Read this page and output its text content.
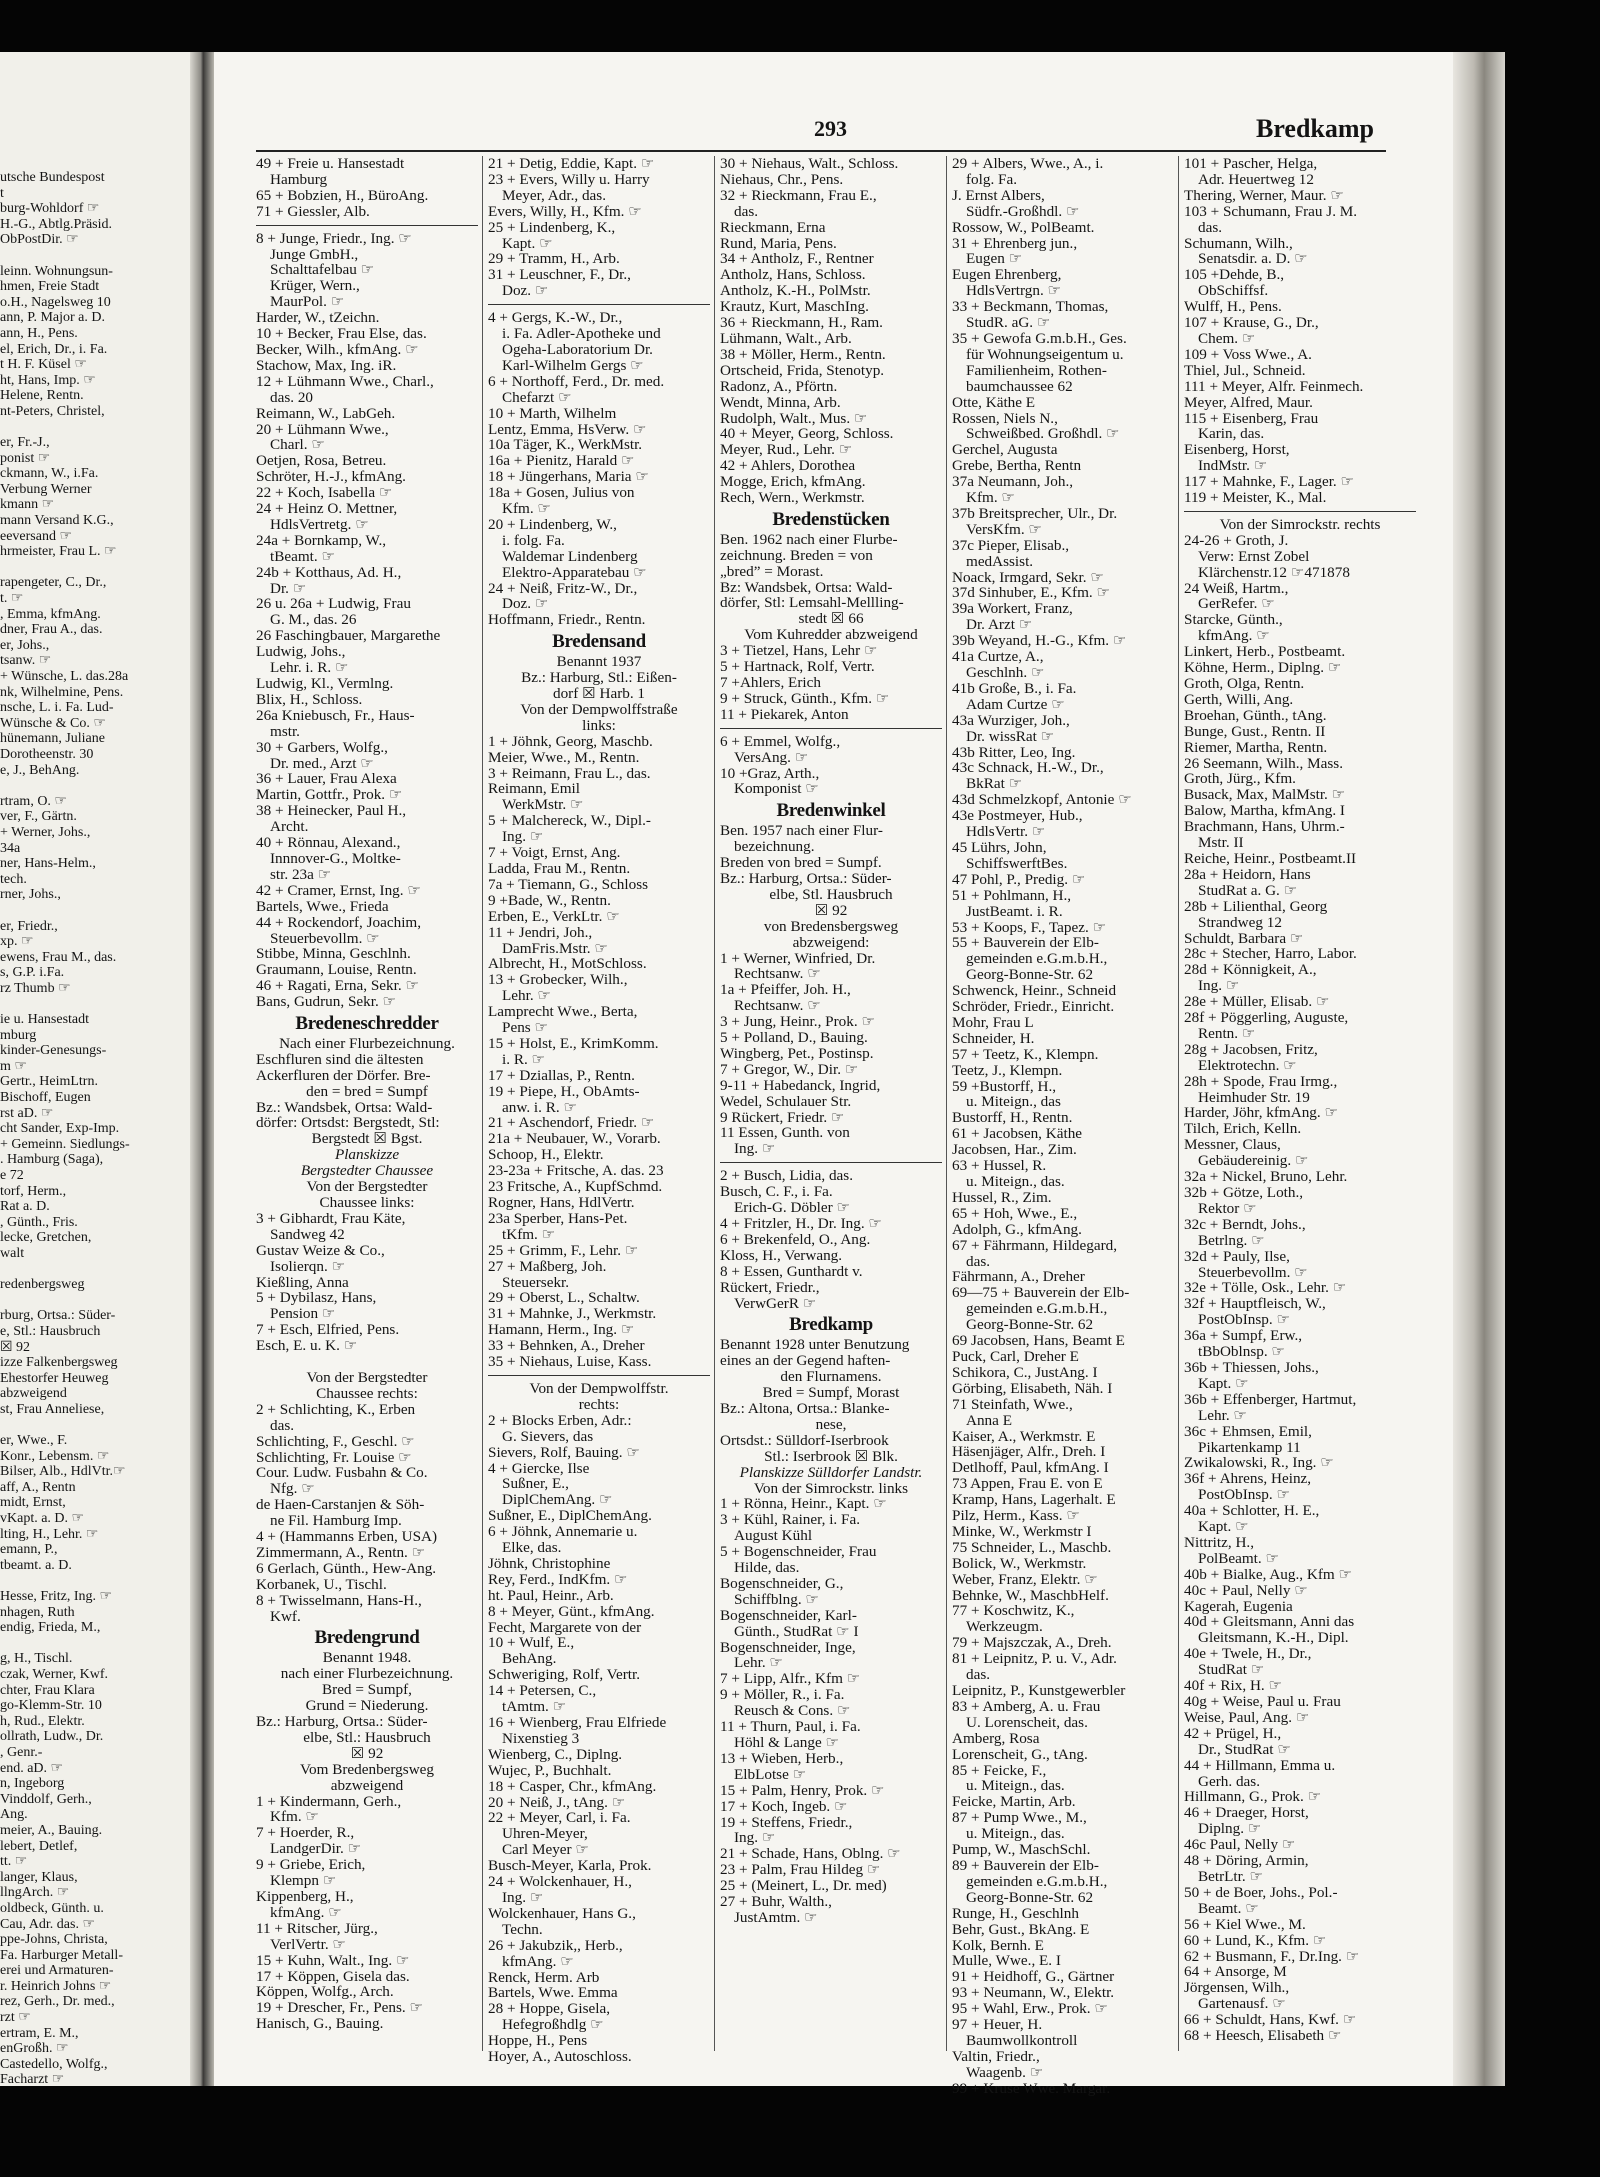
utsche Bundespost
t
burg-Wohldorf ☞
H.-G., Abtlg.Präsid.
ObPostDir. ☞

leinn. Wohnungsun-
hmen, Freie Stadt
o.H., Nagelsweg 10
ann, P. Major a. D.
ann, H., Pens.
el, Erich, Dr., i. Fa.
t H. F. Küsel ☞
ht, Hans, Imp. ☞
Helene, Rentn.
nt-Peters, Christel,

er, Fr.-J.,
ponist ☞
ckmann, W., i.Fa.
Verbung Werner
kmann ☞
mann Versand K.G.,
eeversand ☞
hrmeister, Frau L. ☞

rapengeter, C., Dr.,
t. ☞
, Emma, kfmAng.
dner, Frau A., das.
er, Johs.,
tsanw. ☞
+ Wünsche, L. das.28a
nk, Wilhelmine, Pens.
nsche, L. i. Fa. Lud-
Wünsche & Co. ☞
hünemann, Juliane
Dorotheenstr. 30
e, J., BehAng.

rtram, O. ☞
ver, F., Gärtn.
+ Werner, Johs.,
34a
ner, Hans-Helm.,
tech.
rner, Johs.,

er, Friedr.,
xp. ☞
ewens, Frau M., das.
s, G.P. i.Fa.
rz Thumb ☞

ie u. Hansestadt
mburg
kinder-Genesungs-
m ☞
Gertr., HeimLtrn.
Bischoff, Eugen
rst aD. ☞
cht Sander, Exp-Imp.
+ Gemeinn. Siedlungs-
. Hamburg (Saga),
e 72
torf, Herm.,
Rat a. D.
, Günth., Fris.
lecke, Gretchen,
walt

redenbergsweg

rburg, Ortsa.: Süder-
e, Stl.: Hausbruch
☒ 92
izze Falkenbergsweg
Ehestorfer Heuweg
abzweigend
st, Frau Anneliese,

er, Wwe., F.
Konr., Lebensm. ☞
Bilser, Alb., HdlVtr.☞
aff, A., Rentn
midt, Ernst,
vKapt. a. D. ☞
lting, H., Lehr. ☞
emann, P.,
tbeamt. a. D.

Hesse, Fritz, Ing. ☞
nhagen, Ruth
endig, Frieda, M.,

g, H., Tischl.
czak, Werner, Kwf.
chter, Frau Klara
go-Klemm-Str. 10
h, Rud., Elektr.
ollrath, Ludw., Dr.
, Genr.-
end. aD. ☞
n, Ingeborg
Vinddolf, Gerh.,
Ang.
meier, A., Bauing.
lebert, Detlef,
tt. ☞
langer, Klaus,
llngArch. ☞
oldbeck, Günth. u.
Cau, Adr. das. ☞
ppe-Johns, Christa,
Fa. Harburger Metall-
erei und Armaturen-
r. Heinrich Johns ☞
rez, Gerh., Dr. med.,
rzt ☞
ertram, E. M.,
enGroßh. ☞
Castedello, Wolfg.,
Facharzt ☞
293	Bredkamp
49 + Freie u. Hansestadt
Hamburg
65 + Bobzien, H., BüroAng.
71 + Giessler, Alb.
8 + Junge, Friedr., Ing. ☞
Junge GmbH.,
Schalttafelbau ☞
Krüger, Wern.,
MaurPol. ☞
Harder, W., tZeichn.
10 + Becker, Frau Else, das.
Becker, Wilh., kfmAng. ☞
Stachow, Max, Ing. iR.
12 + Lühmann Wwe., Charl.,
das. 20
Reimann, W., LabGeh.
20 + Lühmann Wwe.,
Charl. ☞
Oetjen, Rosa, Betreu.
Schröter, H.-J., kfmAng.
22 + Koch, Isabella ☞
24 + Heinz O. Mettner,
HdlsVertretg. ☞
24a + Bornkamp, W.,
tBeamt. ☞
24b + Kotthaus, Ad. H.,
Dr. ☞
26 u. 26a + Ludwig, Frau
G. M., das. 26
26 Faschingbauer, Margarethe
Ludwig, Johs.,
Lehr. i. R. ☞
Ludwig, Kl., Vermlng.
Blix, H., Schloss.
26a Kniebusch, Fr., Haus-
mstr.
30 + Garbers, Wolfg.,
Dr. med., Arzt ☞
36 + Lauer, Frau Alexa
Martin, Gottfr., Prok. ☞
38 + Heinecker, Paul H.,
Archt.
40 + Rönnau, Alexand.,
Innnover-G., Moltke-
str. 23a ☞
42 + Cramer, Ernst, Ing. ☞
Bartels, Wwe., Frieda
44 + Rockendorf, Joachim,
Steuerbevollm. ☞
Stibbe, Minna, Geschlnh.
Graumann, Louise, Rentn.
46 + Ragati, Erna, Sekr. ☞
Bans, Gudrun, Sekr. ☞
Bredeneschredder
Nach einer Flurbezeichnung.
Eschfluren sind die ältesten
Ackerfluren der Dörfer. Bre-
den = bred = Sumpf
Bz.: Wandsbek, Ortsa: Wald-
dörfer: Ortsdst: Bergstedt, Stl:
Bergstedt ☒ Bgst.
Planskizze
Bergstedter Chaussee
Von der Bergstedter
Chaussee links:
3 + Gibhardt, Frau Käte,
Sandweg 42
Gustav Weize & Co.,
Isolierqn. ☞
Kießling, Anna
5 + Dybilasz, Hans,
Pension ☞
7 + Esch, Elfried, Pens.
Esch, E. u. K. ☞

Von der Bergstedter
Chaussee rechts:
2 + Schlichting, K., Erben
das.
Schlichting, F., Geschl. ☞
Schlichting, Fr. Louise ☞
Cour. Ludw. Fusbahn & Co.
Nfg. ☞
de Haen-Carstanjen & Söh-
ne Fil. Hamburg Imp.
4 + (Hammanns Erben, USA)
Zimmermann, A., Rentn. ☞
6 Gerlach, Günth., Hew-Ang.
Korbanek, U., Tischl.
8 + Twisselmann, Hans-H.,
Kwf.
Bredengrund
Benannt 1948.
nach einer Flurbezeichnung.
Bred = Sumpf,
Grund = Niederung.
Bz.: Harburg, Ortsa.: Süder-
elbe, Stl.: Hausbruch
☒ 92
Vom Bredenbergsweg
abzweigend
1 + Kindermann, Gerh.,
Kfm. ☞
7 + Hoerder, R.,
LandgerDir. ☞
9 + Griebe, Erich,
Klempn ☞
Kippenberg, H.,
kfmAng. ☞
11 + Ritscher, Jürg.,
VerlVertr. ☞
15 + Kuhn, Walt., Ing. ☞
17 + Köppen, Gisela das.
Köppen, Wolfg., Arch.
19 + Drescher, Fr., Pens. ☞
Hanisch, G., Bauing.
21 + Detig, Eddie, Kapt. ☞
23 + Evers, Willy u. Harry
Meyer, Adr., das.
Evers, Willy, H., Kfm. ☞
25 + Lindenberg, K.,
Kapt. ☞
29 + Tramm, H., Arb.
31 + Leuschner, F., Dr.,
Doz. ☞
4 + Gergs, K.-W., Dr.,
i. Fa. Adler-Apotheke und
Ogeha-Laboratorium Dr.
Karl-Wilhelm Gergs ☞
6 + Northoff, Ferd., Dr. med.
Chefarzt ☞
10 + Marth, Wilhelm
Lentz, Emma, HsVerw. ☞
10a Täger, K., WerkMstr.
16a + Pienitz, Harald ☞
18 + Jüngerhans, Maria ☞
18a + Gosen, Julius von
Kfm. ☞
20 + Lindenberg, W.,
i. folg. Fa.
Waldemar Lindenberg
Elektro-Apparatebau ☞
24 + Neiß, Fritz-W., Dr.,
Doz. ☞
Hoffmann, Friedr., Rentn.
Bredensand
Benannt 1937
Bz.: Harburg, Stl.: Eißen-
dorf ☒ Harb. 1
Von der Dempwolffstraße
links:
1 + Jöhnk, Georg, Maschb.
Meier, Wwe., M., Rentn.
3 + Reimann, Frau L., das.
Reimann, Emil
WerkMstr. ☞
5 + Malchereck, W., Dipl.-
Ing. ☞
7 + Voigt, Ernst, Ang.
Ladda, Frau M., Rentn.
7a + Tiemann, G., Schloss
9 +Bade, W., Rentn.
Erben, E., VerkLtr. ☞
11 + Jendri, Joh.,
DamFris.Mstr. ☞
Albrecht, H., MotSchloss.
13 + Grobecker, Wilh.,
Lehr. ☞
Lamprecht Wwe., Berta,
Pens ☞
15 + Holst, E., KrimKomm.
i. R. ☞
17 + Dziallas, P., Rentn.
19 + Piepe, H., ObAmts-
anw. i. R. ☞
21 + Aschendorf, Friedr. ☞
21a + Neubauer, W., Vorarb.
Schoop, H., Elektr.
23-23a + Fritsche, A. das. 23
23 Fritsche, A., KupfSchmd.
Rogner, Hans, HdlVertr.
23a Sperber, Hans-Pet.
tKfm. ☞
25 + Grimm, F., Lehr. ☞
27 + Maßberg, Joh.
Steuersekr.
29 + Oberst, L., Schaltw.
31 + Mahnke, J., Werkmstr.
Hamann, Herm., Ing. ☞
33 + Behnken, A., Dreher
35 + Niehaus, Luise, Kass.
Von der Dempwolffstr.
rechts:
2 + Blocks Erben, Adr.:
G. Sievers, das
Sievers, Rolf, Bauing. ☞
4 + Giercke, Ilse
Sußner, E.,
DiplChemAng. ☞
Sußner, E., DiplChemAng.
6 + Jöhnk, Annemarie u.
Elke, das.
Jöhnk, Christophine
Rey, Ferd., IndKfm. ☞
ht. Paul, Heinr., Arb.
8 + Meyer, Günt., kfmAng.
Fecht, Margarete von der
10 + Wulf, E.,
BehAng.
Schweriging, Rolf, Vertr.
14 + Petersen, C.,
tAmtm. ☞
16 + Wienberg, Frau Elfriede
Nixenstieg 3
Wienberg, C., Diplng.
Wujec, P., Buchhalt.
18 + Casper, Chr., kfmAng.
20 + Neiß, J., tAng. ☞
22 + Meyer, Carl, i. Fa.
Uhren-Meyer,
Carl Meyer ☞
Busch-Meyer, Karla, Prok.
24 + Wolckenhauer, H.,
Ing. ☞
Wolckenhauer, Hans G.,
Techn.
26 + Jakubzik,, Herb.,
kfmAng. ☞
Renck, Herm. Arb
Bartels, Wwe. Emma
28 + Hoppe, Gisela,
Hefegroßhdlg ☞
Hoppe, H., Pens
Hoyer, A., Autoschloss.
30 + Niehaus, Walt., Schloss.
Niehaus, Chr., Pens.
32 + Rieckmann, Frau E.,
das.
Rieckmann, Erna
Rund, Maria, Pens.
34 + Antholz, F., Rentner
Antholz, Hans, Schloss.
Antholz, K.-H., PolMstr.
Krautz, Kurt, MaschIng.
36 + Rieckmann, H., Ram.
Lühmann, Walt., Arb.
38 + Möller, Herm., Rentn.
Ortscheid, Frida, Stenotyp.
Radonz, A., Pförtn.
Wendt, Minna, Arb.
Rudolph, Walt., Mus. ☞
40 + Meyer, Georg, Schloss.
Meyer, Rud., Lehr. ☞
42 + Ahlers, Dorothea
Mogge, Erich, kfmAng.
Rech, Wern., Werkmstr.
Bredenstücken
Ben. 1962 nach einer Flurbe-
zeichnung. Breden = von
„bred” = Morast.
Bz: Wandsbek, Ortsa: Wald-
dörfer, Stl: Lemsahl-Mellling-
stedt ☒ 66
Vom Kuhredder abzweigend
3 + Tietzel, Hans, Lehr ☞
5 + Hartnack, Rolf, Vertr.
7 +Ahlers, Erich
9 + Struck, Günth., Kfm. ☞
11 + Piekarek, Anton
6 + Emmel, Wolfg.,
VersAng. ☞
10 +Graz, Arth.,
Komponist ☞
Bredenwinkel
Ben. 1957 nach einer Flur-
bezeichnung.
Breden von bred = Sumpf.
Bz.: Harburg, Ortsa.: Süder-
elbe, Stl. Hausbruch
☒ 92
von Bredensbergsweg
abzweigend:
1 + Werner, Winfried, Dr.
Rechtsanw. ☞
1a + Pfeiffer, Joh. H.,
Rechtsanw. ☞
3 + Jung, Heinr., Prok. ☞
5 + Polland, D., Bauing.
Wingberg, Pet., Postinsp.
7 + Gregor, W., Dir. ☞
9-11 + Habedanck, Ingrid,
Wedel, Schulauer Str.
9 Rückert, Friedr. ☞
11 Essen, Gunth. von
Ing. ☞
2 + Busch, Lidia, das.
Busch, C. F., i. Fa.
Erich-G. Döbler ☞
4 + Fritzler, H., Dr. Ing. ☞
6 + Brekenfeld, O., Ang.
Kloss, H., Verwang.
8 + Essen, Gunthardt v.
Rückert, Friedr.,
VerwGerR ☞
Bredkamp
Benannt 1928 unter Benutzung
eines an der Gegend haften-
den Flurnamens.
Bred = Sumpf, Morast
Bz.: Altona, Ortsa.: Blanke-
nese,
Ortsdst.: Sülldorf-Iserbrook
Stl.: Iserbrook ☒ Blk.
Planskizze Sülldorfer Landstr.
Von der Simrockstr. links
1 + Rönna, Heinr., Kapt. ☞
3 + Kühl, Rainer, i. Fa.
August Kühl
5 + Bogenschneider, Frau
Hilde, das.
Bogenschneider, G.,
Schiffblng. ☞
Bogenschneider, Karl-
Günth., StudRat ☞ I
Bogenschneider, Inge,
Lehr. ☞
7 + Lipp, Alfr., Kfm ☞
9 + Möller, R., i. Fa.
Reusch & Cons. ☞
11 + Thurn, Paul, i. Fa.
Höhl & Lange ☞
13 + Wieben, Herb.,
ElbLotse ☞
15 + Palm, Henry, Prok. ☞
17 + Koch, Ingeb. ☞
19 + Steffens, Friedr.,
Ing. ☞
21 + Schade, Hans, Oblng. ☞
23 + Palm, Frau Hildeg ☞
25 + (Meinert, L., Dr. med)
27 + Buhr, Walth.,
JustAmtm. ☞
29 + Albers, Wwe., A., i.
folg. Fa.
J. Ernst Albers,
Südfr.-Großhdl. ☞
Rossow, W., PolBeamt.
31 + Ehrenberg jun.,
Eugen ☞
Eugen Ehrenberg,
HdlsVertrgn. ☞
33 + Beckmann, Thomas,
StudR. aG. ☞
35 + Gewofa G.m.b.H., Ges.
für Wohnungseigentum u.
Familienheim, Rothen-
baumchaussee 62
Otte, Käthe E
Rossen, Niels N.,
Schweißbed. Großhdl. ☞
Gerchel, Augusta
Grebe, Bertha, Rentn
37a Neumann, Joh.,
Kfm. ☞
37b Breitsprecher, Ulr., Dr.
VersKfm. ☞
37c Pieper, Elisab.,
medAssist.
Noack, Irmgard, Sekr. ☞
37d Sinhuber, E., Kfm. ☞
39a Workert, Franz,
Dr. Arzt ☞
39b Weyand, H.-G., Kfm. ☞
41a Curtze, A.,
Geschlnh. ☞
41b Große, B., i. Fa.
Adam Curtze ☞
43a Wurziger, Joh.,
Dr. wissRat ☞
43b Ritter, Leo, Ing.
43c Schnack, H.-W., Dr.,
BkRat ☞
43d Schmelzkopf, Antonie ☞
43e Postmeyer, Hub.,
HdlsVertr. ☞
45 Lührs, John,
SchiffswerftBes.
47 Pohl, P., Predig. ☞
51 + Pohlmann, H.,
JustBeamt. i. R.
53 + Koops, F., Tapez. ☞
55 + Bauverein der Elb-
gemeinden e.G.m.b.H.,
Georg-Bonne-Str. 62
Schwenck, Heinr., Schneid
Schröder, Friedr., Einricht.
Mohr, Frau L
Schneider, H.
57 + Teetz, K., Klempn.
Teetz, J., Klempn.
59 +Bustorff, H.,
u. Miteign., das
Bustorff, H., Rentn.
61 + Jacobsen, Käthe
Jacobsen, Har., Zim.
63 + Hussel, R.
u. Miteign., das.
Hussel, R., Zim.
65 + Hoh, Wwe., E.,
Adolph, G., kfmAng.
67 + Fährmann, Hildegard,
das.
Fährmann, A., Dreher
69—75 + Bauverein der Elb-
gemeinden e.G.m.b.H.,
Georg-Bonne-Str. 62
69 Jacobsen, Hans, Beamt E
Puck, Carl, Dreher E
Schikora, C., JustAng. I
Görbing, Elisabeth, Näh. I
71 Steinfath, Wwe.,
Anna E
Kaiser, A., Werkmstr. E
Häsenjäger, Alfr., Dreh. I
Detlhoff, Paul, kfmAng. I
73 Appen, Frau E. von E
Kramp, Hans, Lagerhalt. E
Pilz, Herm., Kass. ☞
Minke, W., Werkmstr I
75 Schneider, L., Maschb.
Bolick, W., Werkmstr.
Weber, Franz, Elektr. ☞
Behnke, W., MaschbHelf.
77 + Koschwitz, K.,
Werkzeugm.
79 + Majszczak, A., Dreh.
81 + Leipnitz, P. u. V., Adr.
das.
Leipnitz, P., Kunstgewerbler
83 + Amberg, A. u. Frau
U. Lorenscheit, das.
Amberg, Rosa
Lorenscheit, G., tAng.
85 + Feicke, F.,
u. Miteign., das.
Feicke, Martin, Arb.
87 + Pump Wwe., M.,
u. Miteign., das.
Pump, W., MaschSchl.
89 + Bauverein der Elb-
gemeinden e.G.m.b.H.,
Georg-Bonne-Str. 62
Runge, H., Geschlnh
Behr, Gust., BkAng. E
Kolk, Bernh. E
Mulle, Wwe., E. I
91 + Heidhoff, G., Gärtner
93 + Neumann, W., Elektr.
95 + Wahl, Erw., Prok. ☞
97 + Heuer, H.
Baumwollkontroll
Valtin, Friedr.,
Waagenb. ☞
99 + Kruse Wwe. Margar.
101 + Pascher, Helga,
Adr. Heuertweg 12
Thering, Werner, Maur. ☞
103 + Schumann, Frau J. M.
das.
Schumann, Wilh.,
Senatsdir. a. D. ☞
105 +Dehde, B.,
ObSchiffsf.
Wulff, H., Pens.
107 + Krause, G., Dr.,
Chem. ☞
109 + Voss Wwe., A.
Thiel, Jul., Schneid.
111 + Meyer, Alfr. Feinmech.
Meyer, Alfred, Maur.
115 + Eisenberg, Frau
Karin, das.
Eisenberg, Horst,
IndMstr. ☞
117 + Mahnke, F., Lager. ☞
119 + Meister, K., Mal.
Von der Simrockstr. rechts
24-26 + Groth, J.
Verw: Ernst Zobel
Klärchenstr.12 ☞471878
24 Weiß, Hartm.,
GerRefer. ☞
Starcke, Günth.,
kfmAng. ☞
Linkert, Herb., Postbeamt.
Köhne, Herm., Diplng. ☞
Groth, Olga, Rentn.
Gerth, Willi, Ang.
Broehan, Günth., tAng.
Bunge, Gust., Rentn. II
Riemer, Martha, Rentn.
26 Seemann, Wilh., Mass.
Groth, Jürg., Kfm.
Busack, Max, MalMstr. ☞
Balow, Martha, kfmAng. I
Brachmann, Hans, Uhrm.-
Mstr. II
Reiche, Heinr., Postbeamt.II
28a + Heidorn, Hans
StudRat a. G. ☞
28b + Lilienthal, Georg
Strandweg 12
Schuldt, Barbara ☞
28c + Stecher, Harro, Labor.
28d + Könnigkeit, A.,
Ing. ☞
28e + Müller, Elisab. ☞
28f + Pöggerling, Auguste,
Rentn. ☞
28g + Jacobsen, Fritz,
Elektrotechn. ☞
28h + Spode, Frau Irmg.,
Heimhuder Str. 19
Harder, Jöhr, kfmAng. ☞
Tilch, Erich, Kelln.
Messner, Claus,
Gebäudereinig. ☞
32a + Nickel, Bruno, Lehr.
32b + Götze, Loth.,
Rektor ☞
32c + Berndt, Johs.,
Betrlng. ☞
32d + Pauly, Ilse,
Steuerbevollm. ☞
32e + Tölle, Osk., Lehr. ☞
32f + Hauptfleisch, W.,
PostObInsp. ☞
36a + Sumpf, Erw.,
tBbOblnsp. ☞
36b + Thiessen, Johs.,
Kapt. ☞
36b + Effenberger, Hartmut,
Lehr. ☞
36c + Ehmsen, Emil,
Pikartenkamp 11
Zwikalowski, R., Ing. ☞
36f + Ahrens, Heinz,
PostObInsp. ☞
40a + Schlotter, H. E.,
Kapt. ☞
Nittritz, H.,
PolBeamt. ☞
40b + Bialke, Aug., Kfm ☞
40c + Paul, Nelly ☞
Kagerah, Eugenia
40d + Gleitsmann, Anni das
Gleitsmann, K.-H., Dipl.
40e + Twele, H., Dr.,
StudRat ☞
40f + Rix, H. ☞
40g + Weise, Paul u. Frau
Weise, Paul, Ang. ☞
42 + Prügel, H.,
Dr., StudRat ☞
44 + Hillmann, Emma u.
Gerh. das.
Hillmann, G., Prok. ☞
46 + Draeger, Horst,
Diplng. ☞
46c Paul, Nelly ☞
48 + Döring, Armin,
BetrLtr. ☞
50 + de Boer, Johs., Pol.-
Beamt. ☞
56 + Kiel Wwe., M.
60 + Lund, K., Kfm. ☞
62 + Busmann, F., Dr.Ing. ☞
64 + Ansorge, M
Jörgensen, Wilh.,
Gartenausf. ☞
66 + Schuldt, Hans, Kwf. ☞
68 + Heesch, Elisabeth ☞
